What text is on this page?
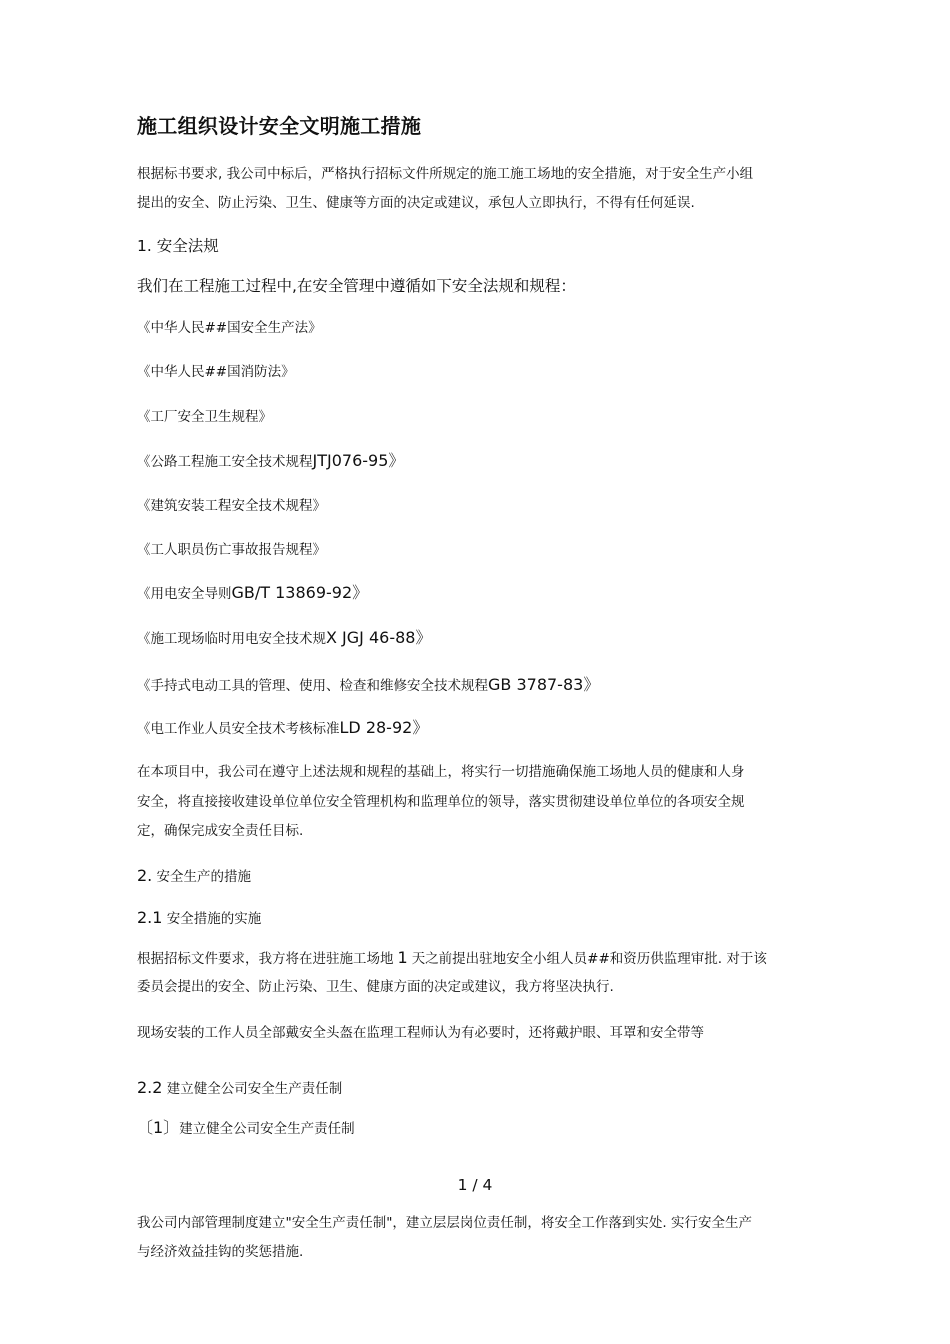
施工组织设计安全文明施工措施
根据标书要求, 我公司中标后，严格执行招标文件所规定的施工施工场地的安全措施，对于安全生产小组
提出的安全、防止污染、卫生、健康等方面的决定或建议，承包人立即执行，不得有任何延误.
1. 安全法规
我们在工程施工过程中,在安全管理中遵循如下安全法规和规程：
《中华人民##国安全生产法》
《中华人民##国消防法》
《工厂安全卫生规程》
《公路工程施工安全技术规程JTJ076-95》
《建筑安装工程安全技术规程》
《工人职员伤亡事故报告规程》
《用电安全导则GB/T 13869-92》
《施工现场临时用电安全技术规X JGJ 46-88》
《手持式电动工具的管理、使用、检查和维修安全技术规程GB 3787-83》
《电工作业人员安全技术考核标准LD 28-92》
在本项目中，我公司在遵守上述法规和规程的基础上，将实行一切措施确保施工场地人员的健康和人身
安全，将直接接收建设单位单位安全管理机构和监理单位的领导，落实贯彻建设单位单位的各项安全规
定，确保完成安全责任目标.
2. 安全生产的措施
2.1 安全措施的实施
根据招标文件要求，我方将在进驻施工场地 1 天之前提出驻地安全小组人员##和资历供监理审批. 对于该
委员会提出的安全、防止污染、卫生、健康方面的决定或建议，我方将坚决执行.
现场安装的工作人员全部戴安全头盔在监理工程师认为有必要时，还将戴护眼、耳罩和安全带等
2.2 建立健全公司安全生产责任制
〔1〕建立健全公司安全生产责任制
1 / 4
我公司内部管理制度建立"安全生产责任制"，建立层层岗位责任制，将安全工作落到实处. 实行安全生产
与经济效益挂钩的奖惩措施.
